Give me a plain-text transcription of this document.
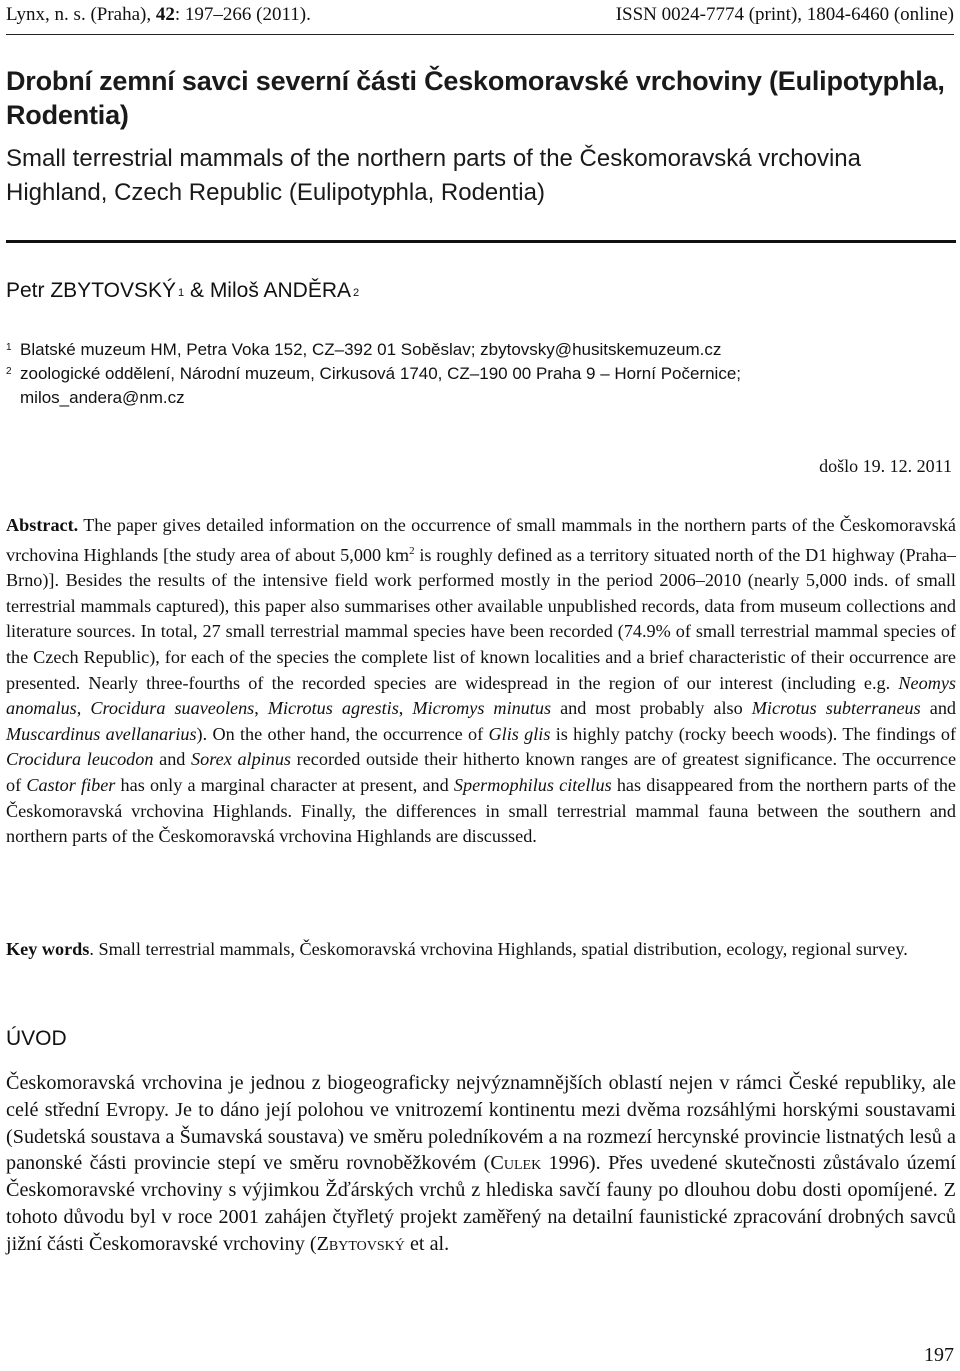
Lynx, n. s. (Praha), 42: 197–266 (2011).	ISSN 0024-7774 (print), 1804-6460 (online)
Drobní zemní savci severní části Českomoravské vrchoviny (Eulipotyphla, Rodentia)
Small terrestrial mammals of the northern parts of the Českomoravská vrchovina Highland, Czech Republic (Eulipotyphla, Rodentia)
Petr ZBYTOVSKÝ $^1$ & Miloš ANDĚRA $^2$
1 Blatské muzeum HM, Petra Voka 152, CZ–392 01 Soběslav; zbytovsky@husitskemuzeum.cz
2 zoologické oddělení, Národní muzeum, Cirkusová 1740, CZ–190 00 Praha 9 – Horní Počernice;
milos_andera@nm.cz
došlo 19. 12. 2011
Abstract. The paper gives detailed information on the occurrence of small mammals in the northern parts of the Českomoravská vrchovina Highlands [the study area of about 5,000 $km^2$ is roughly defined as a territory situated north of the D1 highway (Praha–Brno)]. Besides the results of the intensive field work performed mostly in the period 2006–2010 (nearly 5,000 inds. of small terrestrial mammals captured), this paper also summarises other available unpublished records, data from museum collections and literature sources. In total, 27 small terrestrial mammal species have been recorded (74.9% of small terrestrial mammal species of the Czech Republic), for each of the species the complete list of known localities and a brief characteristic of their occurrence are presented. Nearly three-fourths of the recorded species are widespread in the region of our interest (including e.g. Neomys anomalus, Crocidura suaveolens, Microtus agrestis, Micromys minutus and most probably also Microtus subterraneus and Muscardinus avellanarius). On the other hand, the occurrence of Glis glis is highly patchy (rocky beech woods). The findings of Crocidura leucodon and Sorex alpinus recorded outside their hitherto known ranges are of greatest significance. The occurrence of Castor fiber has only a marginal character at present, and Spermophilus citellus has disappeared from the northern parts of the Českomoravská vrchovina Highlands. Finally, the differences in small terrestrial mammal fauna between the southern and northern parts of the Českomoravská vrchovina Highlands are discussed.
Key words. Small terrestrial mammals, Českomoravská vrchovina Highlands, spatial distribution, ecology, regional survey.
ÚVOD
Českomoravská vrchovina je jednou z biogeograficky nejvýznamnějších oblastí nejen v rámci České republiky, ale celé střední Evropy. Je to dáno její polohou ve vnitrozemí kontinentu mezi dvěma rozsáhlými horskými soustavami (Sudetská soustava a Šumavská soustava) ve směru poledníkovém a na rozmezí hercynské provincie listnatých lesů a panonské části provincie stepí ve směru rovnoběžkovém (Culek 1996). Přes uvedené skutečnosti zůstávalo území Českomoravské vrchoviny s výjimkou Žďárských vrchů z hlediska savčí fauny po dlouhou dobu dosti opomíjené. Z tohoto důvodu byl v roce 2001 zahájen čtyřletý projekt zaměřený na detailní faunistické zpracování drobných savců jižní části Českomoravské vrchoviny (Zbytovský et al.
197
